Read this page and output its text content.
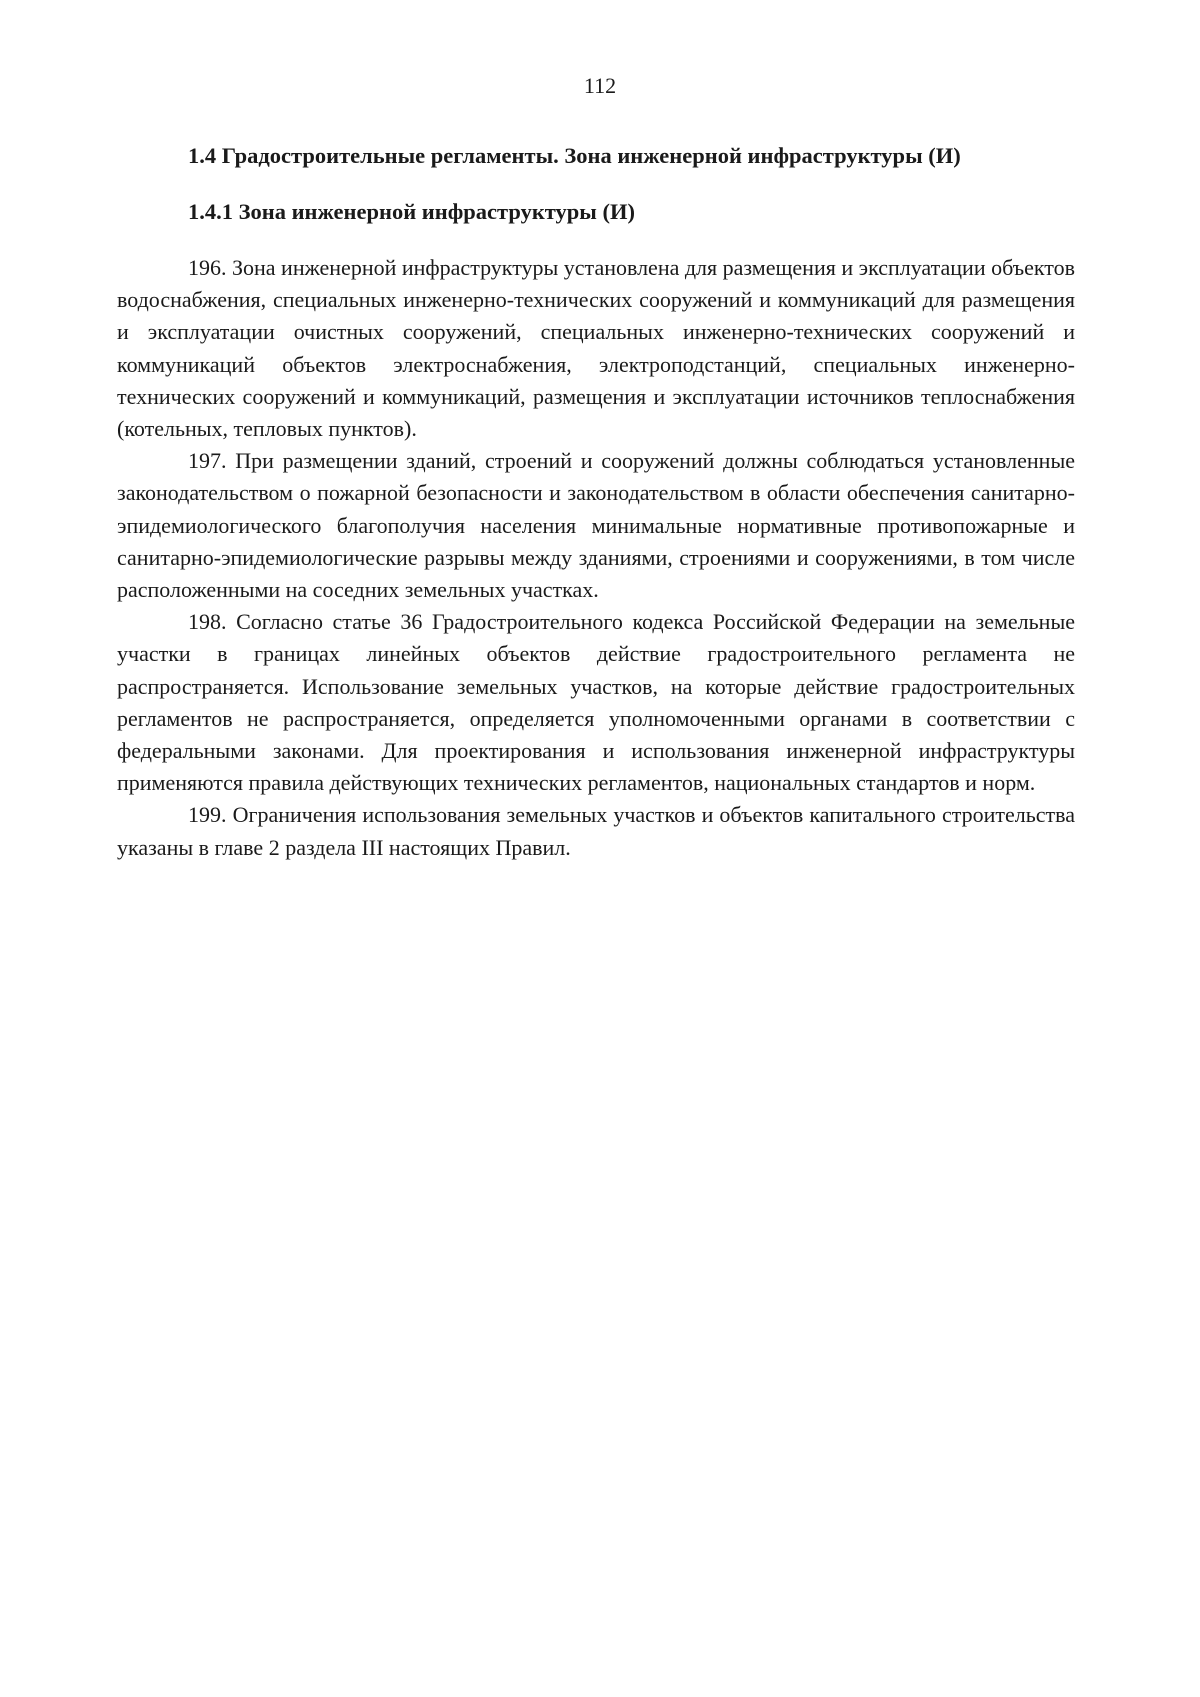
112
1.4 Градостроительные регламенты. Зона инженерной инфраструктуры (И)
1.4.1 Зона инженерной инфраструктуры (И)

196. Зона инженерной инфраструктуры установлена для размещения и эксплуатации объектов водоснабжения, специальных инженерно-технических сооружений и коммуникаций для размещения и эксплуатации очистных сооружений, специальных инженерно-технических сооружений и коммуникаций объектов электроснабжения, электроподстанций, специальных инженерно-технических сооружений и коммуникаций, размещения и эксплуатации источников теплоснабжения (котельных, тепловых пунктов).

197. При размещении зданий, строений и сооружений должны соблюдаться установленные законодательством о пожарной безопасности и законодательством в области обеспечения санитарно-эпидемиологического благополучия населения минимальные нормативные противопожарные и санитарно-эпидемиологические разрывы между зданиями, строениями и сооружениями, в том числе расположенными на соседних земельных участках.

198. Согласно статье 36 Градостроительного кодекса Российской Федерации на земельные участки в границах линейных объектов действие градостроительного регламента не распространяется. Использование земельных участков, на которые действие градостроительных регламентов не распространяется, определяется уполномоченными органами в соответствии с федеральными законами. Для проектирования и использования инженерной инфраструктуры применяются правила действующих технических регламентов, национальных стандартов и норм.

199. Ограничения использования земельных участков и объектов капитального строительства указаны в главе 2 раздела III настоящих Правил.
